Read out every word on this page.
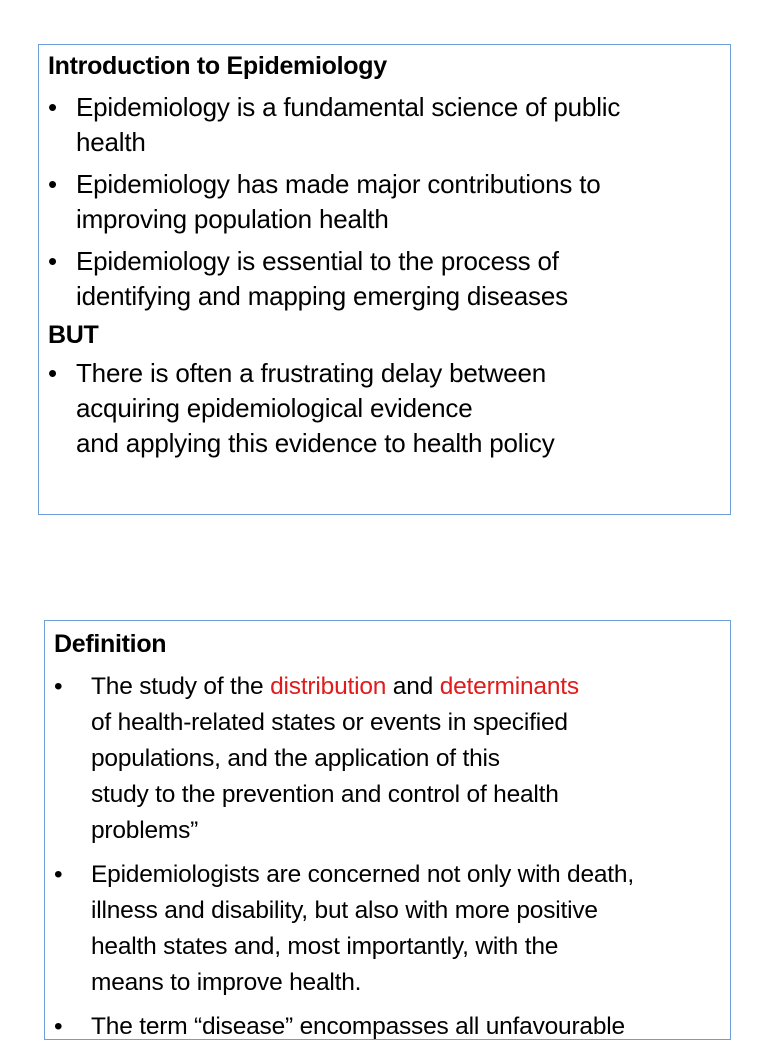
Introduction to Epidemiology

• Epidemiology is a fundamental science of public
health
• Epidemiology has made major contributions to
improving population health
• Epidemiology is essential to the process of
identifying and mapping emerging diseases

BUT

• There is often a frustrating delay between
acquiring epidemiological evidence
and applying this evidence to health policy

Definition

• The study of the distribution and determinants
of health-related states or events in specified
populations, and the application of this
study to the prevention and control of health
problems”
• Epidemiologists are concerned not only with death,
illness and disability, but also with more positive
health states and, most importantly, with the
means to improve health.
• The term “disease” encompasses all unfavourable
